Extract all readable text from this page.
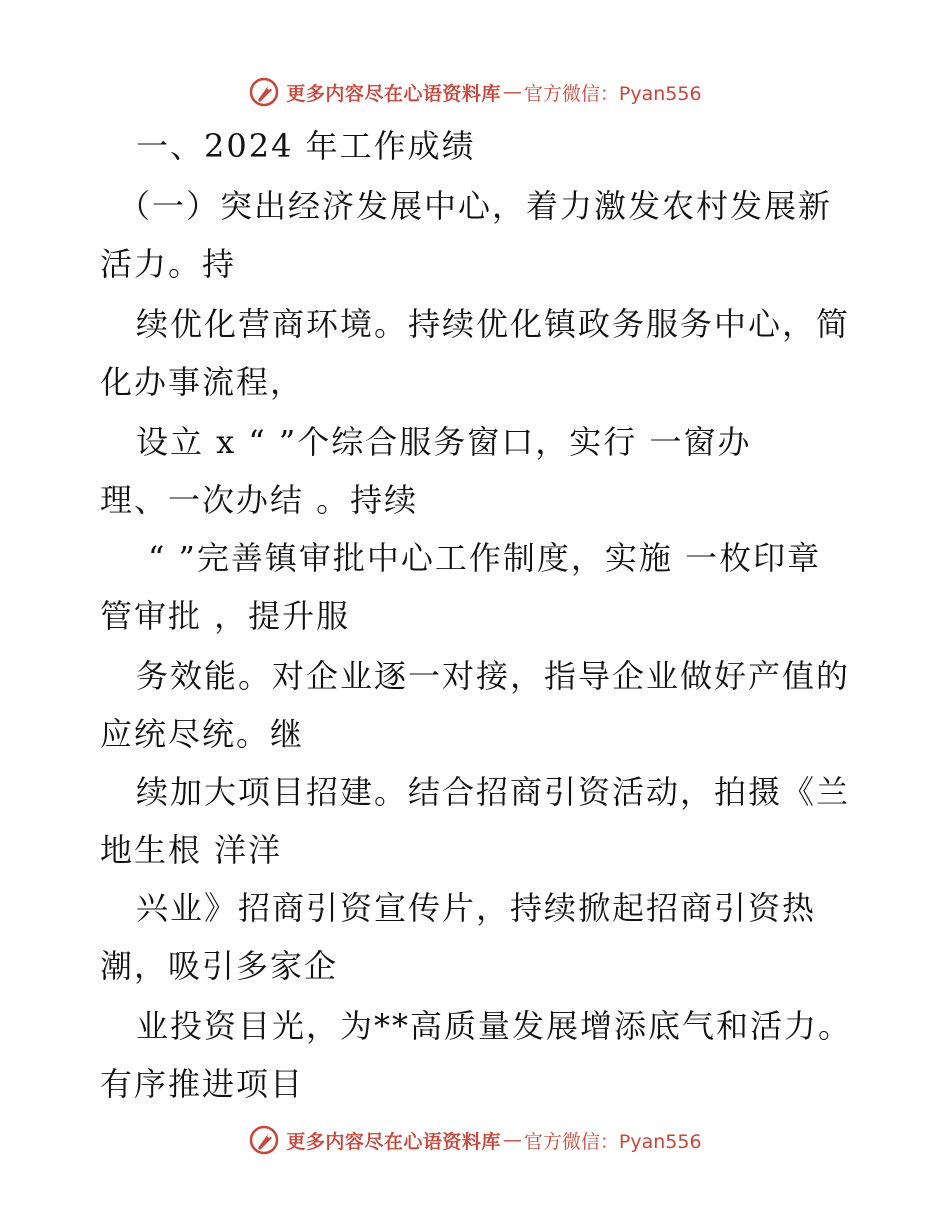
更多内容尽在心语资料库 — 官方微信：Pyan556
一、2024 年工作成绩
（一）突出经济发展中心，着力激发农村发展新
活力。持
续优化营商环境。持续优化镇政务服务中心，简
化办事流程，
设立 x “ ”个综合服务窗口，实行 一窗办
理、一次办结 。持续
“ ”完善镇审批中心工作制度，实施 一枚印章
管审批 ，提升服
务效能。对企业逐一对接，指导企业做好产值的
应统尽统。继
续加大项目招建。结合招商引资活动，拍摄《兰
地生根 洋洋
兴业》招商引资宣传片，持续掀起招商引资热
潮，吸引多家企
业投资目光，为**高质量发展增添底气和活力。
有序推进项目
更多内容尽在心语资料库 — 官方微信：Pyan556
